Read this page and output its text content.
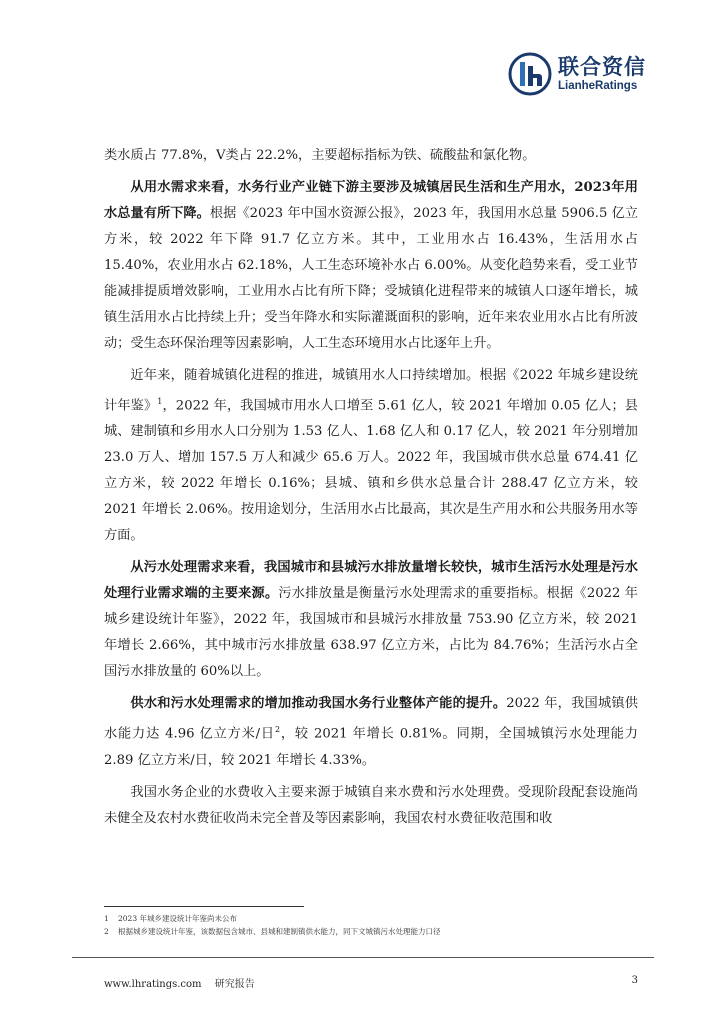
联合资信
LianheRatings

类水质占 77.8%，Ⅴ类占 22.2%，主要超标指标为铁、硫酸盐和氯化物。

从用水需求来看，水务行业产业链下游主要涉及城镇居民生活和生产用水，2023年用水总量有所下降。根据《2023 年中国水资源公报》，2023 年，我国用水总量 5906.5 亿立方米，较 2022 年下降 91.7 亿立方米。其中，工业用水占 16.43%，生活用水占 15.40%，农业用水占 62.18%，人工生态环境补水占 6.00%。从变化趋势来看，受工业节能减排提质增效影响，工业用水占比有所下降；受城镇化进程带来的城镇人口逐年增长，城镇生活用水占比持续上升；受当年降水和实际灌溉面积的影响，近年来农业用水占比有所波动；受生态环保治理等因素影响，人工生态环境用水占比逐年上升。

近年来，随着城镇化进程的推进，城镇用水人口持续增加。根据《2022 年城乡建设统计年鉴》$^1$，2022 年，我国城市用水人口增至 5.61 亿人，较 2021 年增加 0.05 亿人；县城、建制镇和乡用水人口分别为 1.53 亿人、1.68 亿人和 0.17 亿人，较 2021 年分别增加 23.0 万人、增加 157.5 万人和减少 65.6 万人。2022 年，我国城市供水总量 674.41 亿立方米，较 2022 年增长 0.16%；县城、镇和乡供水总量合计 288.47 亿立方米，较 2021 年增长 2.06%。按用途划分，生活用水占比最高，其次是生产用水和公共服务用水等方面。

从污水处理需求来看，我国城市和县城污水排放量增长较快，城市生活污水处理是污水处理行业需求端的主要来源。污水排放量是衡量污水处理需求的重要指标。根据《2022 年城乡建设统计年鉴》，2022 年，我国城市和县城污水排放量 753.90 亿立方米，较 2021 年增长 2.66%，其中城市污水排放量 638.97 亿立方米，占比为 84.76%；生活污水占全国污水排放量的 60%以上。

供水和污水处理需求的增加推动我国水务行业整体产能的提升。2022 年，我国城镇供水能力达 4.96 亿立方米/日$^2$，较 2021 年增长 0.81%。同期，全国城镇污水处理能力 2.89 亿立方米/日，较 2021 年增长 4.33%。

我国水务企业的水费收入主要来源于城镇自来水费和污水处理费。受现阶段配套设施尚未健全及农村水费征收尚未完全普及等因素影响，我国农村水费征收范围和收

1	2023 年城乡建设统计年鉴尚未公布
2	根据城乡建设统计年鉴，该数据包含城市、县城和建制镇供水能力，同下文城镇污水处理能力口径
www.lhratings.com 研究报告	3
